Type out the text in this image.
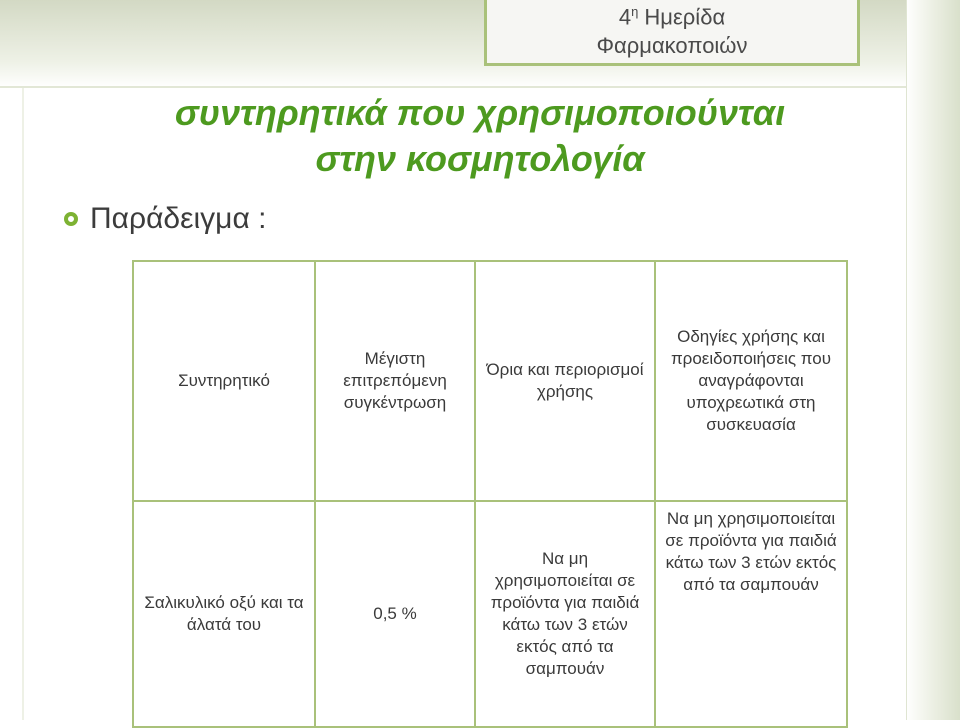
$4^\eta$ Ημερίδα
Φαρμακοποιών
συντηρητικά που χρησιμοποιούνται
στην κοσμητολογία
Παράδειγμα :
Συντηρητικό	Μέγιστη επιτρεπόμενη συγκέντρωση	Όρια και περιορισμοί χρήσης	Οδηγίες χρήσης και προειδοποιήσεις που αναγράφονται υποχρεωτικά στη συσκευασία
Σαλικυλικό οξύ και τα άλατά του	0,5 %	Να μη χρησιμοποιείται σε προϊόντα για παιδιά κάτω των 3 ετών εκτός από τα σαμπουάν	Να μη χρησιμοποιείται σε προϊόντα για παιδιά κάτω των 3 ετών εκτός από τα σαμπουάν
